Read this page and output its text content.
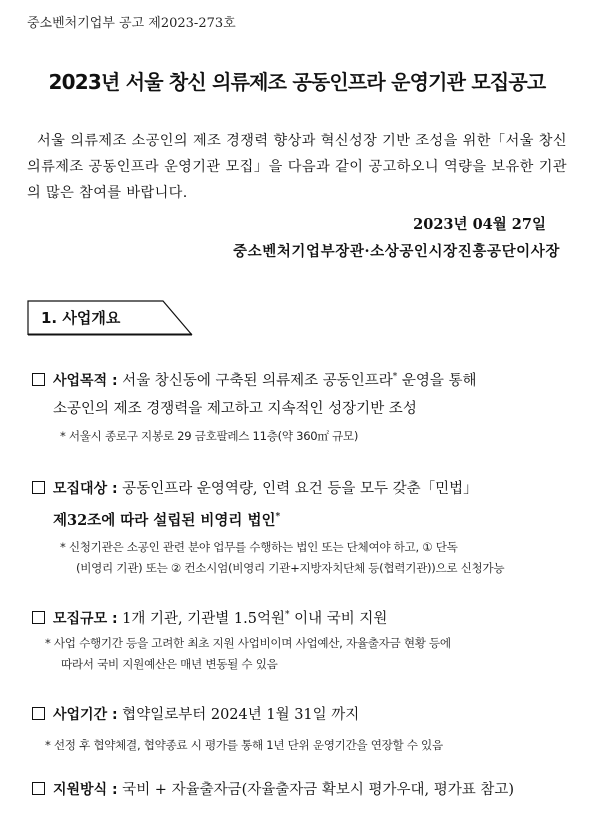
중소벤처기업부 공고 제2023-273호
2023년 서울 창신 의류제조 공동인프라 운영기관 모집공고

서울 의류제조 소공인의 제조 경쟁력 향상과 혁신성장 기반 조성을 위한「서울 창신 의류제조 공동인프라 운영기관 모집」을 다음과 같이 공고하오니 역량을 보유한 기관의 많은 참여를 바랍니다.

2023년 04월 27일
중소벤처기업부장관·소상공인시장진흥공단이사장
1. 사업개요
사업목적 : 서울 창신동에 구축된 의류제조 공동인프라* 운영을 통해
소공인의 제조 경쟁력을 제고하고 지속적인 성장기반 조성
* 서울시 종로구 지봉로 29 금호팔레스 11층(약 360㎡ 규모)
모집대상 : 공동인프라 운영역량, 인력 요건 등을 모두 갖춘「민법」
제32조에 따라 설립된 비영리 법인*
* 신청기관은 소공인 관련 분야 업무를 수행하는 법인 또는 단체여야 하고, ① 단독
(비영리 기관) 또는 ② 컨소시엄(비영리 기관+지방자치단체 등(협력기관))으로 신청가능
모집규모 : 1개 기관, 기관별 1.5억원* 이내 국비 지원
* 사업 수행기간 등을 고려한 최초 지원 사업비이며 사업예산, 자율출자금 현황 등에
따라서 국비 지원예산은 매년 변동될 수 있음
사업기간 : 협약일로부터 2024년 1월 31일 까지
* 선정 후 협약체결, 협약종료 시 평가를 통해 1년 단위 운영기간을 연장할 수 있음
지원방식 : 국비 + 자율출자금(자율출자금 확보시 평가우대, 평가표 참고)
